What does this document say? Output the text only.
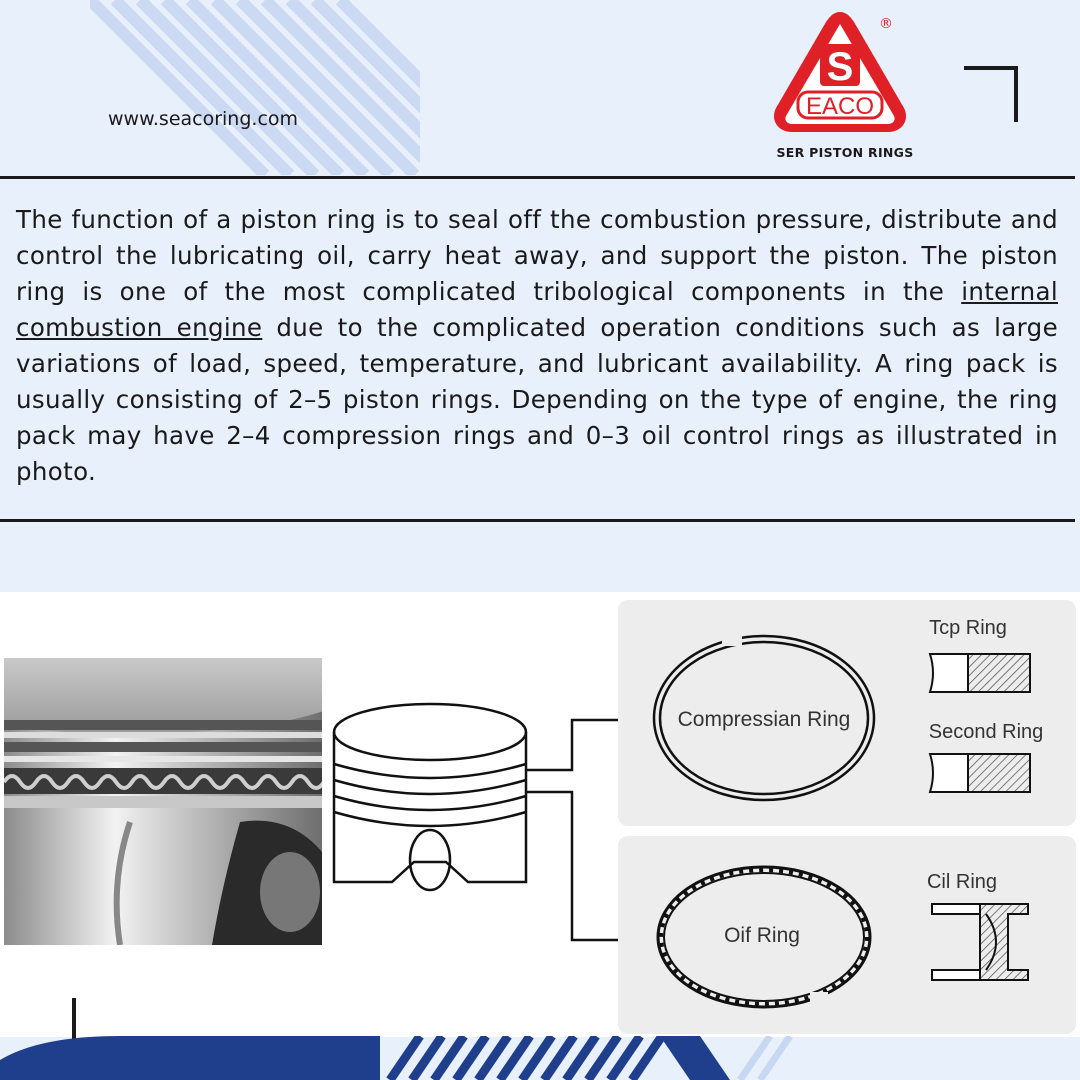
www.seacoring.com
S
EACO
®
SER PISTON RINGS
The function of a piston ring is to seal off the combustion pressure, distribute and control the lubricating oil, carry heat away, and support the piston. The piston ring is one of the most complicated tribological components in the internal combustion engine due to the complicated operation conditions such as large variations of load, speed, temperature, and lubricant availability. A ring pack is usually consisting of 2–5 piston rings. Depending on the type of engine, the ring pack may have 2–4 compression rings and 0–3 oil control rings as illustrated in photo.
Compressian Ring
Tcp Ring
Second Ring
Oif Ring
Cil Ring
